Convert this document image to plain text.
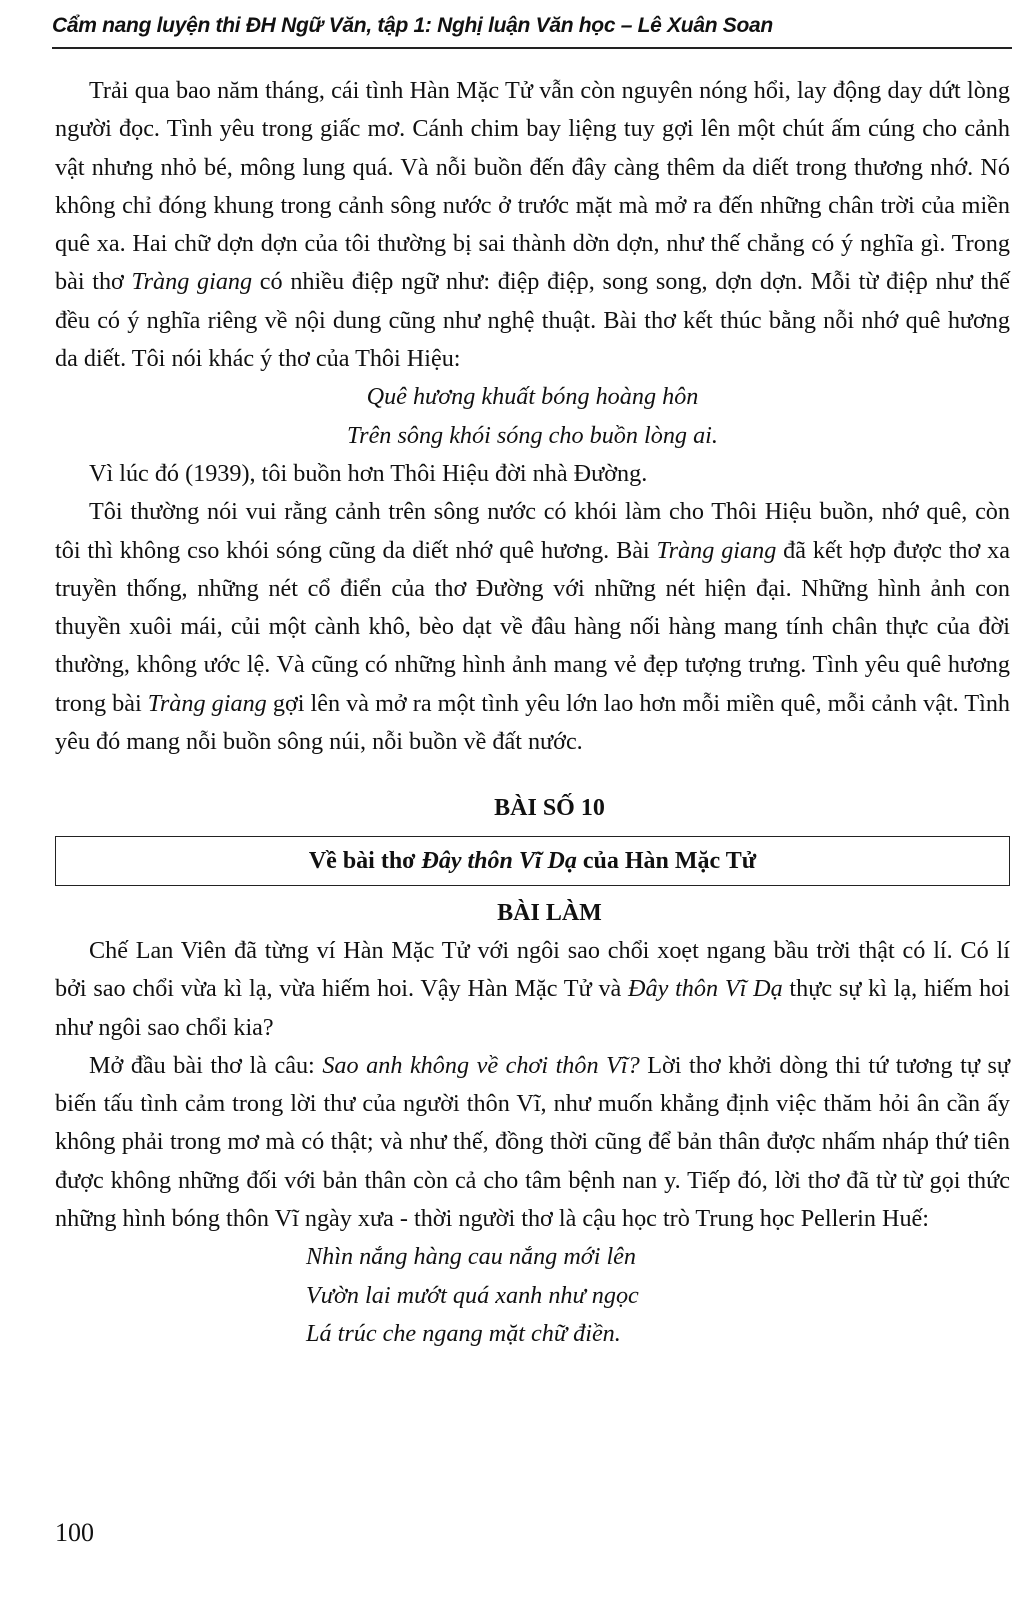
Cẩm nang luyện thi ĐH Ngữ Văn, tập 1: Nghị luận Văn học – Lê Xuân Soan

Trải qua bao năm tháng, cái tình Hàn Mặc Tử vẫn còn nguyên nóng hổi, lay động day dứt lòng người đọc. Tình yêu trong giấc mơ. Cánh chim bay liệng tuy gợi lên một chút ấm cúng cho cảnh vật nhưng nhỏ bé, mông lung quá. Và nỗi buồn đến đây càng thêm da diết trong thương nhớ. Nó không chỉ đóng khung trong cảnh sông nước ở trước mặt mà mở ra đến những chân trời của miền quê xa. Hai chữ dợn dợn của tôi thường bị sai thành dờn dợn, như thế chẳng có ý nghĩa gì. Trong bài thơ Tràng giang có nhiều điệp ngữ như: điệp điệp, song song, dợn dợn. Mỗi từ điệp như thế đều có ý nghĩa riêng về nội dung cũng như nghệ thuật. Bài thơ kết thúc bằng nỗi nhớ quê hương da diết. Tôi nói khác ý thơ của Thôi Hiệu:

Quê hương khuất bóng hoàng hôn
Trên sông khói sóng cho buồn lòng ai.

Vì lúc đó (1939), tôi buồn hơn Thôi Hiệu đời nhà Đường.

Tôi thường nói vui rằng cảnh trên sông nước có khói làm cho Thôi Hiệu buồn, nhớ quê, còn tôi thì không cso khói sóng cũng da diết nhớ quê hương. Bài Tràng giang đã kết hợp được thơ xa truyền thống, những nét cổ điển của thơ Đường với những nét hiện đại. Những hình ảnh con thuyền xuôi mái, củi một cành khô, bèo dạt về đâu hàng nối hàng mang tính chân thực của đời thường, không ước lệ. Và cũng có những hình ảnh mang vẻ đẹp tượng trưng. Tình yêu quê hương trong bài Tràng giang gợi lên và mở ra một tình yêu lớn lao hơn mỗi miền quê, mỗi cảnh vật. Tình yêu đó mang nỗi buồn sông núi, nỗi buồn về đất nước.

BÀI SỐ 10

Về bài thơ Đây thôn Vĩ Dạ của Hàn Mặc Tử

BÀI LÀM

Chế Lan Viên đã từng ví Hàn Mặc Tử với ngôi sao chổi xoẹt ngang bầu trời thật có lí. Có lí bởi sao chổi vừa kì lạ, vừa hiếm hoi. Vậy Hàn Mặc Tử và Đây thôn Vĩ Dạ thực sự kì lạ, hiếm hoi như ngôi sao chổi kia?

Mở đầu bài thơ là câu: Sao anh không về chơi thôn Vĩ? Lời thơ khởi dòng thi tứ tương tự sự biến tấu tình cảm trong lời thư của người thôn Vĩ, như muốn khẳng định việc thăm hỏi ân cần ấy không phải trong mơ mà có thật; và như thế, đồng thời cũng để bản thân được nhấm nháp thứ tiên được không những đối với bản thân còn cả cho tâm bệnh nan y. Tiếp đó, lời thơ đã từ từ gọi thức những hình bóng thôn Vĩ ngày xưa - thời người thơ là cậu học trò Trung học Pellerin Huế:

Nhìn nắng hàng cau nắng mới lên
Vườn lai mướt quá xanh như ngọc
Lá trúc che ngang mặt chữ điền.
100
